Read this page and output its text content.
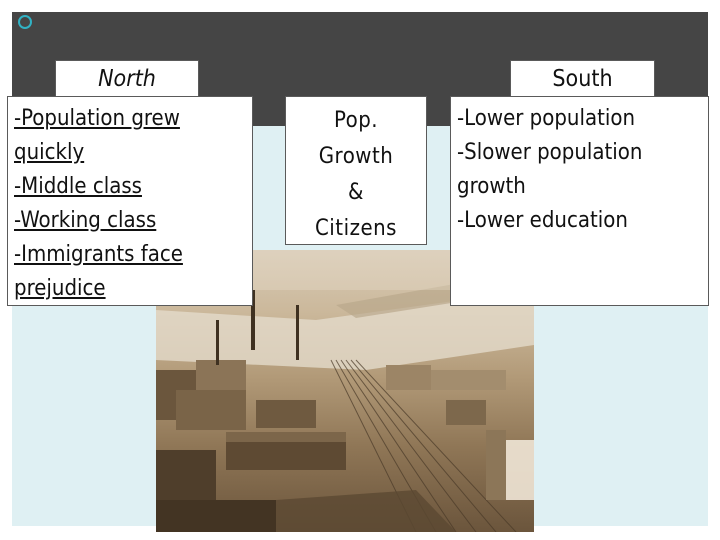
North	South
-Population grew
quickly
-Middle class
-Working class
-Immigrants face
prejudice
Pop.
Growth
&
Citizens
-Lower population
-Slower population
growth
-Lower education
